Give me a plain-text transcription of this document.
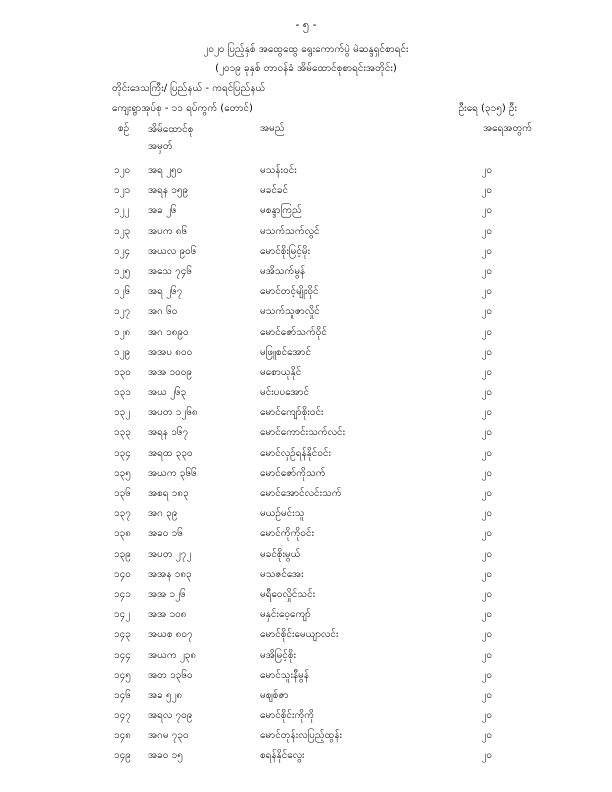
- ၅ -
၂၀၂၀ ပြည့်နှစ် အထွေထွေ ရွေးကောက်ပွဲ မဲဆန္ဒရှင်စာရင်း
(၂၀၁၉ ခုနှစ် တာဝန်ခံ အိမ်ထောင်စုစာရင်းအတိုင်း)
တိုင်းဒေသကြီး/ ပြည်နယ် - ကရင်ပြည်နယ်
ကျေးရွာအုပ်စု - ၁၁ ရပ်ကွက် (တောင်)	ဦးရေ (၃၁၅) ဦး
စဉ်	အိမ်ထောင်စု
အမှတ်
အမည်	အရေအတွက်
၁၂၀	အရ ၂၅၀	မသန်းဝင်း	၂၀
၁၂၁	အရန ၁၅၉	မခင်ခင်	၂၀
၁၂၂	အခ ၂၆	မစန္ဒာကြည်	၂၀
၁၂၃	အပက ၈၆	မသက်သက်လွင်	၂၀
၁၂၄	အယလ ၉၀၆	မောင်စိုးမြင့်မိုး	၂၀
၁၂၅	အသေ ၇၄၆	မအိသက်မွန်	၂၀
၁၂၆	အရ ၂၆၇	မောင်တင့်မျိုးဝိုင်	၂၀
၁၂၇	အဂ ၆၀	မသက်သူဇာလှိုင်	၂၀
၁၂၈	အဂ ၁၈၉၀	မောင်ဇော်သက်ဝိုင်	၂၀
၁၂၉	အအပ ၈၀၀	မဖြူစင်အောင်	၂၀
၁၃၀	အအ ၁၀၀၉	မစောယုနိုင်	၂၀
၁၃၁	အယ ၂၆၃	မင်းပပအောင်	၂၀
၁၃၂	အပတ ၁၂၆၈	မောင်ကျော်စိုးဝင်း	၂၀
၁၃၃	အရန ၁၆၇	မောင်ကောင်းသက်လင်း	၂၀
၁၃၄	အရထ ၃၃၀	မောင်လှဥ်ရန်နိုင်ဝင်း	၂၀
၁၃၅	အယက ၃၆၆	မောင်ဇော်ကိုသက်	၂၀
၁၃၆	အစရ ၁၈၃	မောင်အောင်လင်းသက်	၂၀
၁၃၇	အဂ ၃၉	မယဉ်မင်းသူ	၂၀
၁၃၈	အခ၀ ၁၆	မောင်ကိုကိုဝင်း	၂၀
၁၃၉	အပတ ၂၇၂	မခင်စိုးမွယ်	၂၀
၁၄၀	အအန ၁၈၃	မသဇင်အေး	၂၀
၁၄၁	အအ ၁၂၆	မရီဝေလှိုင်သင်း	၂၀
၁၄၂	အအ ၁၀၈	မနှင်းဝေ့ကျော်	၂၀
၁၄၃	အယစ ၈၀၇	မောင်စိုင်းမေယျာလင်း	၂၀
၁၄၄	အယက ၂၃၈	မအိမြင့်စိုး	၂၀
၁၄၅	အတ ၁၃၆၀	မောင်သူးနီမွန်	၂၀
၁၄၆	အခ ၅၂၈	မဈစ်ဇာ	၂၀
၁၄၇	အရလ ၇၀၉	မောင်စိုင်းကိုကို	၂၀
၁၄၈	အဂမ ၇၃၀	မောင်တုန်းလပြည့်ထွန်း	၂၀
၁၄၉	အခ၀ ၁၅	စရန်နိုင်လွေး	၂၀
